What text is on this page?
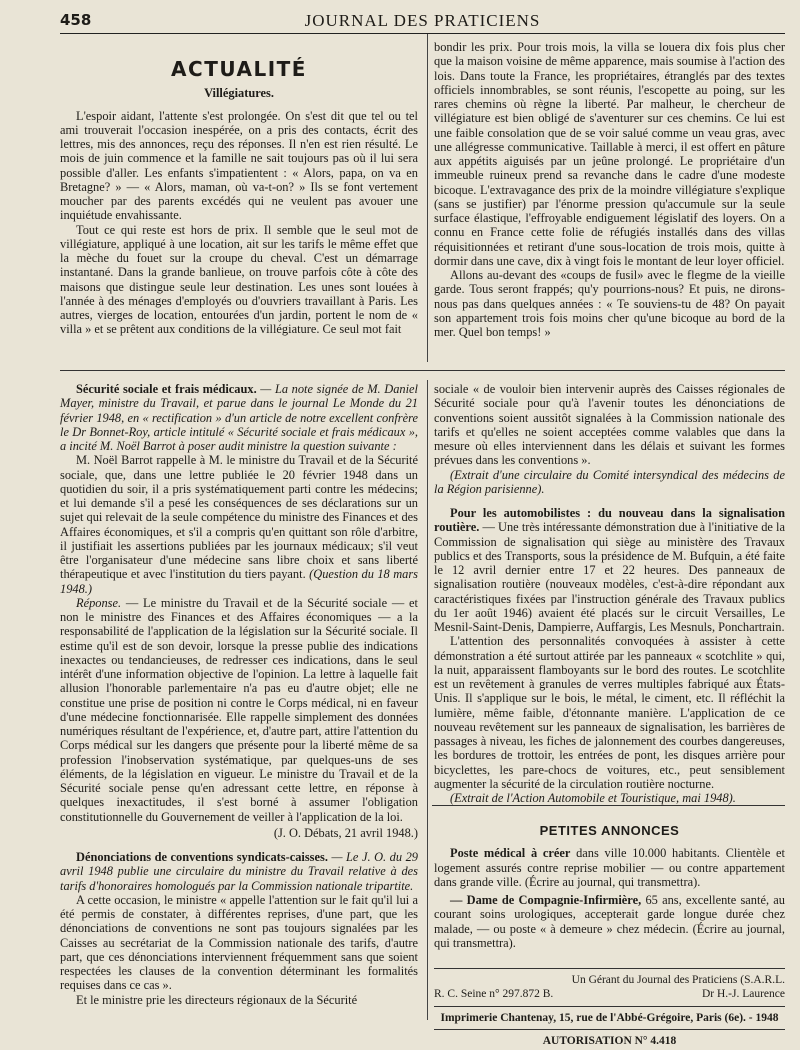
458	JOURNAL DES PRATICIENS
ACTUALITÉ
Villégiatures.

L'espoir aidant, l'attente s'est prolongée. On s'est dit que tel ou tel ami trouverait l'occasion inespérée, on a pris des contacts, écrit des lettres, mis des annonces, reçu des réponses. Il n'en est rien résulté. Le mois de juin commence et la famille ne sait toujours pas où il lui sera possible d'aller. Les enfants s'impatientent : « Alors, papa, on va en Bretagne? » — « Alors, maman, où va-t-on? » Ils se font vertement moucher par des parents excédés qui ne veulent pas avouer une inquiétude envahissante.

Tout ce qui reste est hors de prix. Il semble que le seul mot de villégiature, appliqué à une location, ait sur les tarifs le même effet que la mèche du fouet sur la croupe du cheval. C'est un démarrage instantané. Dans la grande banlieue, on trouve parfois côte à côte des maisons que distingue seule leur destination. Les unes sont louées à l'année à des ménages d'employés ou d'ouvriers travaillant à Paris. Les autres, vierges de location, entourées d'un jardin, portent le nom de « villa » et se prêtent aux conditions de la villégiature. Ce seul mot fait

bondir les prix. Pour trois mois, la villa se louera dix fois plus cher que la maison voisine de même apparence, mais soumise à l'action des lois. Dans toute la France, les propriétaires, étranglés par des textes officiels innombrables, se sont réunis, l'escopette au poing, sur les rares chemins où règne la liberté. Par malheur, le chercheur de villégiature est bien obligé de s'aventurer sur ces chemins. Ce lui est une faible consolation que de se voir salué comme un veau gras, avec une allégresse communicative. Taillable à merci, il est offert en pâture aux appétits aiguisés par un jeûne prolongé. Le propriétaire d'un immeuble ruineux prend sa revanche dans le cadre d'une modeste bicoque. L'extravagance des prix de la moindre villégiature s'explique (sans se justifier) par l'énorme pression qu'accumule sur la seule surface élastique, l'effroyable endiguement législatif des loyers. On a connu en France cette folie de réfugiés installés dans des villas réquisitionnées et retirant d'une sous-location de trois mois, quitte à dormir dans une cave, dix à vingt fois le montant de leur loyer officiel.

Allons au-devant des «coups de fusil» avec le flegme de la vieille garde. Tous seront frappés; qu'y pourrions-nous? Et puis, ne dirons-nous pas dans quelques années : « Te souviens-tu de 48? On payait son appartement trois fois moins cher qu'une bicoque au bord de la mer. Quel bon temps! »

Sécurité sociale et frais médicaux. — La note signée de M. Daniel Mayer, ministre du Travail, et parue dans le journal Le Monde du 21 février 1948, en « rectification » d'un article de notre excellent confrère le Dr Bonnet-Roy, article intitulé « Sécurité sociale et frais médicaux », a incité M. Noël Barrot à poser audit ministre la question suivante :

M. Noël Barrot rappelle à M. le ministre du Travail et de la Sécurité sociale, que, dans une lettre publiée le 20 février 1948 dans un quotidien du soir, il a pris systématiquement parti contre les médecins; et lui demande s'il a pesé les conséquences de ses déclarations sur un sujet qui relevait de la seule compétence du ministre des Finances et des Affaires économiques, et s'il a compris qu'en quittant son rôle d'arbitre, il justifiait les assertions publiées par les journaux médicaux; s'il veut être l'organisateur d'une médecine sans libre choix et sans liberté thérapeutique et avec l'institution du tiers payant. (Question du 18 mars 1948.)

Réponse. — Le ministre du Travail et de la Sécurité sociale — et non le ministre des Finances et des Affaires économiques — a la responsabilité de l'application de la législation sur la Sécurité sociale. Il estime qu'il est de son devoir, lorsque la presse publie des indications inexactes ou tendancieuses, de redresser ces indications, dans le seul intérêt d'une information objective de l'opinion. La lettre à laquelle fait allusion l'honorable parlementaire n'a pas eu d'autre objet; elle ne constitue une prise de position ni contre le Corps médical, ni en faveur d'une médecine fonctionnarisée. Elle rappelle simplement des données numériques résultant de l'expérience, et, d'autre part, attire l'attention du Corps médical sur les dangers que présente pour la liberté même de sa profession l'inobservation systématique, par quelques-uns de ses éléments, de la législation en vigueur. Le ministre du Travail et de la Sécurité sociale pense qu'en adressant cette lettre, en réponse à quelques inexactitudes, il s'est borné à assumer l'obligation constitutionnelle du Gouvernement de veiller à l'application de la loi.

(J. O. Débats, 21 avril 1948.)

Dénonciations de conventions syndicats-caisses. — Le J. O. du 29 avril 1948 publie une circulaire du ministre du Travail relative à des tarifs d'honoraires homologués par la Commission nationale tripartite.

A cette occasion, le ministre « appelle l'attention sur le fait qu'il lui a été permis de constater, à différentes reprises, d'une part, que les dénonciations de conventions ne sont pas toujours signalées par les Caisses au secrétariat de la Commission nationale des tarifs, d'autre part, que ces dénonciations interviennent fréquemment sans que soient respectées les clauses de la convention déterminant les formalités requises dans ce cas ».

Et le ministre prie les directeurs régionaux de la Sécurité

sociale « de vouloir bien intervenir auprès des Caisses régionales de Sécurité sociale pour qu'à l'avenir toutes les dénonciations de conventions soient aussitôt signalées à la Commission nationale des tarifs et qu'elles ne soient acceptées comme valables que dans la mesure où elles interviennent dans les délais et suivant les formes prévues dans les conventions ».

(Extrait d'une circulaire du Comité intersyndical des médecins de la Région parisienne).

Pour les automobilistes : du nouveau dans la signalisation routière. — Une très intéressante démonstration due à l'initiative de la Commission de signalisation qui siège au ministère des Travaux publics et des Transports, sous la présidence de M. Bufquin, a été faite le 12 avril dernier entre 17 et 22 heures. Des panneaux de signalisation routière (nouveaux modèles, c'est-à-dire répondant aux caractéristiques fixées par l'instruction générale des Travaux publics du 1er août 1946) avaient été placés sur le circuit Versailles, Le Mesnil-Saint-Denis, Dampierre, Auffargis, Les Mesnuls, Ponchartrain.

L'attention des personnalités convoquées à assister à cette démonstration a été surtout attirée par les panneaux « scotchlite » qui, la nuit, apparaissent flamboyants sur le bord des routes. Le scotchlite est un revêtement à granules de verres multiples fabriqué aux États-Unis. Il s'applique sur le bois, le métal, le ciment, etc. Il réfléchit la lumière, même faible, d'étonnante manière. L'application de ce nouveau revêtement sur les panneaux de signalisation, les barrières de passages à niveau, les fiches de jalonnement des courbes dangereuses, les bordures de trottoir, les entrées de pont, les disques arrière pour bicyclettes, les pare-chocs de voitures, etc., peut sensiblement augmenter la sécurité de la circulation routière nocturne.

(Extrait de l'Action Automobile et Touristique, mai 1948).

PETITES ANNONCES

Poste médical à créer dans ville 10.000 habitants. Clientèle et logement assurés contre reprise mobilier — ou contre appartement dans grande ville. (Écrire au journal, qui transmettra).

— Dame de Compagnie-Infirmière, 65 ans, excellente santé, au courant soins urologiques, accepterait garde longue durée chez malade, — ou poste « à demeure » chez médecin. (Écrire au journal, qui transmettra).

Un Gérant du Journal des Praticiens (S.A.R.L.
R. C. Seine n° 297.872 B.	Dr H.-J. Laurence
Imprimerie Chantenay, 15, rue de l'Abbé-Grégoire, Paris (6e). - 1948
AUTORISATION N° 4.418
